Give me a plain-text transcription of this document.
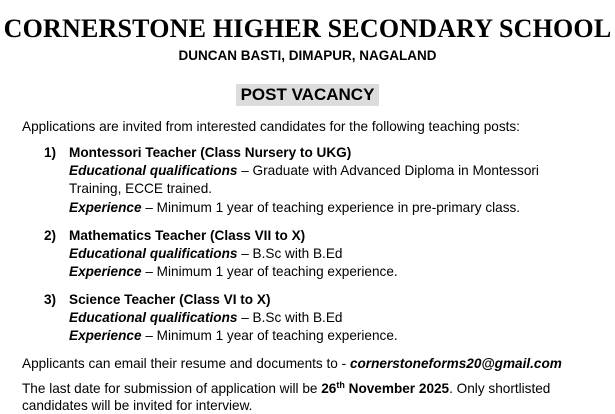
CORNERSTONE HIGHER SECONDARY SCHOOL
DUNCAN BASTI, DIMAPUR, NAGALAND
POST VACANCY
Applications are invited from interested candidates for the following teaching posts:
1) Montessori Teacher (Class Nursery to UKG)
Educational qualifications – Graduate with Advanced Diploma in Montessori
Training, ECCE trained.
Experience – Minimum 1 year of teaching experience in pre-primary class.
2) Mathematics Teacher (Class VII to X)
Educational qualifications – B.Sc with B.Ed
Experience – Minimum 1 year of teaching experience.
3) Science Teacher (Class VI to X)
Educational qualifications – B.Sc with B.Ed
Experience – Minimum 1 year of teaching experience.
Applicants can email their resume and documents to - cornerstoneforms20@gmail.com
The last date for submission of application will be 26th November 2025. Only shortlisted
candidates will be invited for interview.
